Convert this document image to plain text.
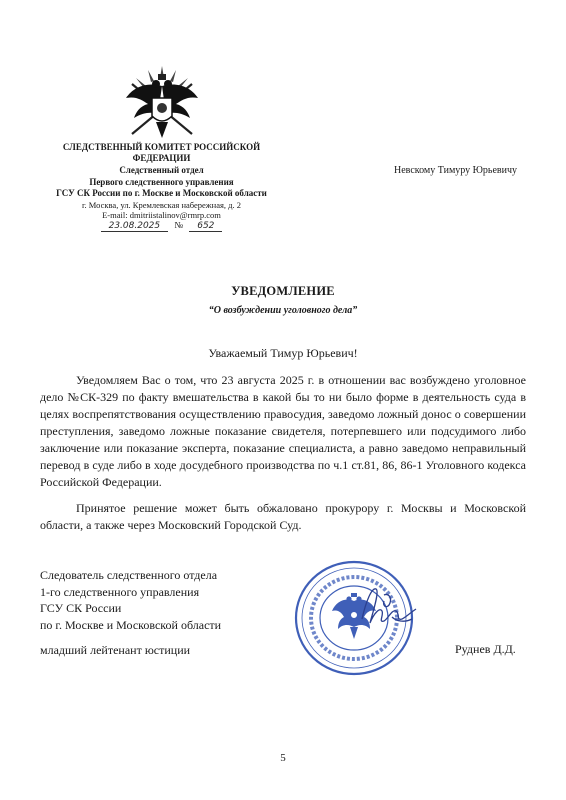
СЛЕДСТВЕННЫЙ КОМИТЕТ РОССИЙСКОЙ
ФЕДЕРАЦИИ
Следственный отдел
Первого следственного управления
ГСУ СК России по г. Москве и Московской области
г. Москва, ул. Кремлевская набережная, д. 2
E-mail: dmitriistalinov@rmrp.com
23.08.2025 № 652
Невскому Тимуру Юрьевичу
УВЕДОМЛЕНИЕ
“О возбуждении уголовного дела”
Уважаемый Тимур Юрьевич!
Уведомляем Вас о том, что 23 августа 2025 г. в отношении вас возбуждено уголовное дело №СК-329 по факту вмешательства в какой бы то ни было форме в деятельность суда в целях воспрепятствования осуществлению правосудия, заведомо ложный донос о совершении преступления, заведомо ложные показание свидетеля, потерпевшего или подсудимого либо заключение или показание эксперта, показание специалиста, а равно заведомо неправильный перевод в суде либо в ходе досудебного производства по ч.1 ст.81, 86, 86-1 Уголовного кодекса Российской Федерации.
Принятое решение может быть обжаловано прокурору г. Москвы и Московской области, а также через Московский Городской Суд.
Следователь следственного отдела
1-го следственного управления
ГСУ СК России
по г. Москве и Московской области
младший лейтенант юстиции	Руднев Д.Д.
5
